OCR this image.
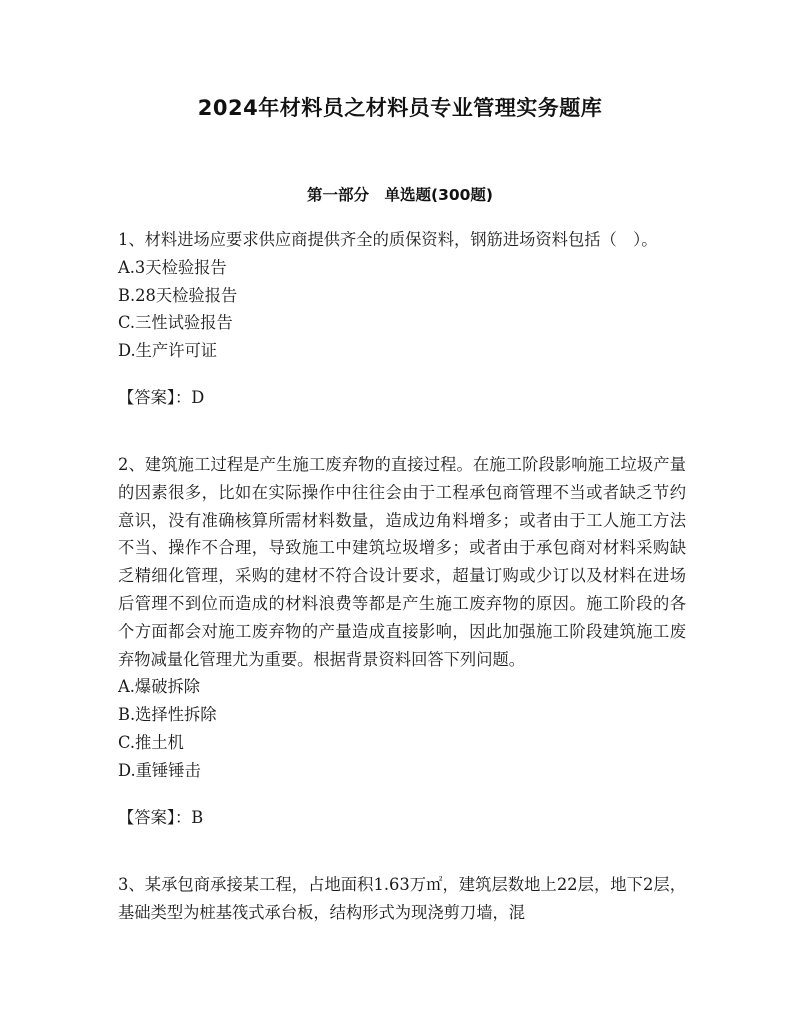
2024年材料员之材料员专业管理实务题库
第一部分　单选题(300题)
1、材料进场应要求供应商提供齐全的质保资料，钢筋进场资料包括（　）。
A.3天检验报告
B.28天检验报告
C.三性试验报告
D.生产许可证
【答案】：D
2、建筑施工过程是产生施工废弃物的直接过程。在施工阶段影响施工垃圾产量的因素很多，比如在实际操作中往往会由于工程承包商管理不当或者缺乏节约意识，没有准确核算所需材料数量，造成边角料增多；或者由于工人施工方法不当、操作不合理，导致施工中建筑垃圾增多；或者由于承包商对材料采购缺乏精细化管理，采购的建材不符合设计要求，超量订购或少订以及材料在进场后管理不到位而造成的材料浪费等都是产生施工废弃物的原因。施工阶段的各个方面都会对施工废弃物的产量造成直接影响，因此加强施工阶段建筑施工废弃物减量化管理尤为重要。根据背景资料回答下列问题。
A.爆破拆除
B.选择性拆除
C.推土机
D.重锤锤击
【答案】：B
3、某承包商承接某工程，占地面积1.63万㎡，建筑层数地上22层，地下2层，基础类型为桩基筏式承台板，结构形式为现浇剪刀墙，混
